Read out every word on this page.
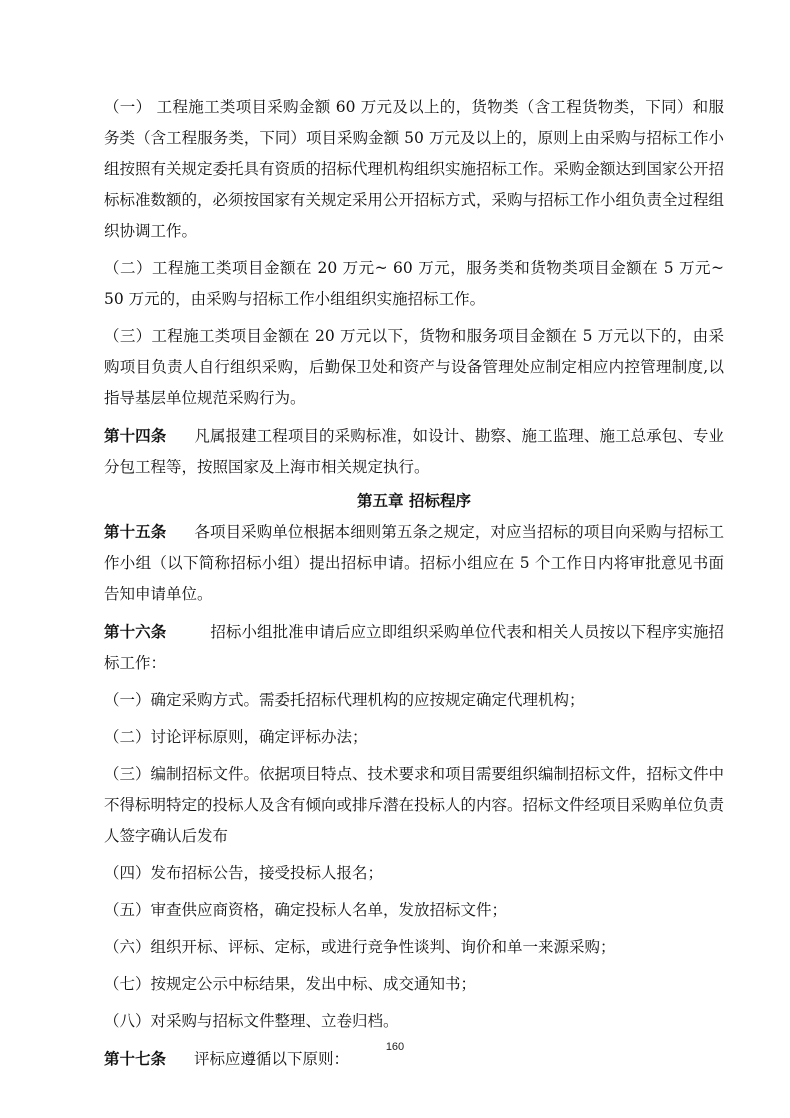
（一） 工程施工类项目采购金额 60 万元及以上的，货物类（含工程货物类，下同）和服务类（含工程服务类，下同）项目采购金额 50 万元及以上的，原则上由采购与招标工作小组按照有关规定委托具有资质的招标代理机构组织实施招标工作。采购金额达到国家公开招标标准数额的，必须按国家有关规定采用公开招标方式，采购与招标工作小组负责全过程组织协调工作。

（二）工程施工类项目金额在 20 万元~ 60 万元，服务类和货物类项目金额在 5 万元~ 50 万元的，由采购与招标工作小组组织实施招标工作。

（三）工程施工类项目金额在 20 万元以下，货物和服务项目金额在 5 万元以下的，由采购项目负责人自行组织采购，后勤保卫处和资产与设备管理处应制定相应内控管理制度,以指导基层单位规范采购行为。

第十四条 凡属报建工程项目的采购标准，如设计、勘察、施工监理、施工总承包、专业分包工程等，按照国家及上海市相关规定执行。

第五章 招标程序

第十五条 各项目采购单位根据本细则第五条之规定，对应当招标的项目向采购与招标工作小组（以下简称招标小组）提出招标申请。招标小组应在 5 个工作日内将审批意见书面告知申请单位。

第十六条	招标小组批准申请后应立即组织采购单位代表和相关人员按以下程序实施招标工作：

（一）确定采购方式。需委托招标代理机构的应按规定确定代理机构；

（二）讨论评标原则，确定评标办法；

（三）编制招标文件。依据项目特点、技术要求和项目需要组织编制招标文件，招标文件中不得标明特定的投标人及含有倾向或排斥潜在投标人的内容。招标文件经项目采购单位负责人签字确认后发布

（四）发布招标公告，接受投标人报名；

（五）审查供应商资格，确定投标人名单，发放招标文件；

（六）组织开标、评标、定标，或进行竞争性谈判、询价和单一来源采购；

（七）按规定公示中标结果，发出中标、成交通知书；

（八）对采购与招标文件整理、立卷归档。

第十七条 评标应遵循以下原则：

160
